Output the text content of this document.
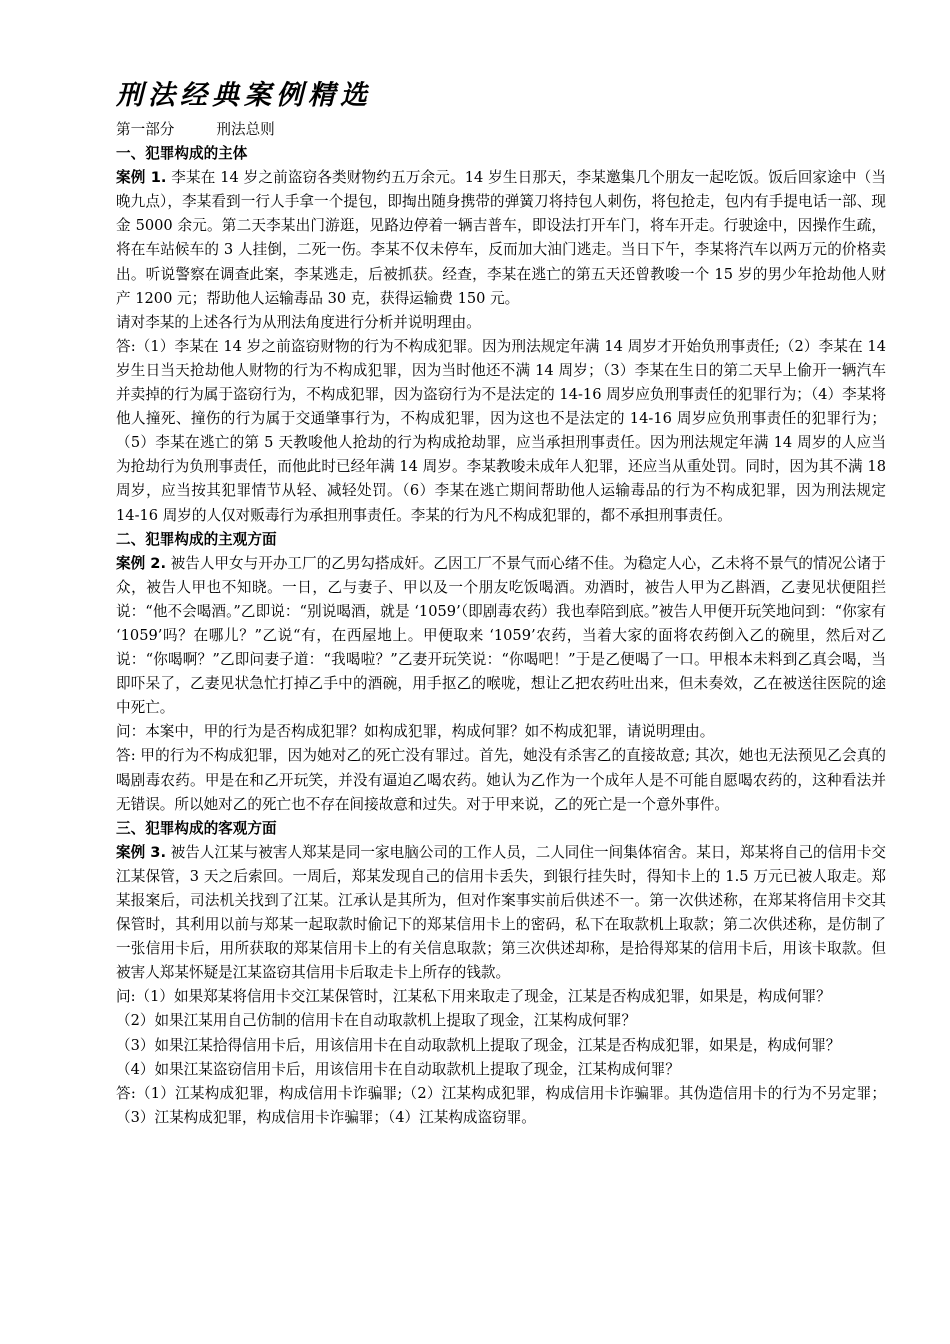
刑法经典案例精选

第一部分	刑法总则

一、犯罪构成的主体

案例 1. 李某在 14 岁之前盗窃各类财物约五万余元。14 岁生日那天，李某邀集几个朋友一起吃饭。饭后回家途中（当晚九点），李某看到一行人手拿一个提包，即掏出随身携带的弹簧刀将持包人刺伤，将包抢走，包内有手提电话一部、现金 5000 余元。第二天李某出门游逛，见路边停着一辆吉普车，即设法打开车门，将车开走。行驶途中，因操作生疏，将在车站候车的 3 人挂倒，二死一伤。李某不仅未停车，反而加大油门逃走。当日下午，李某将汽车以两万元的价格卖出。听说警察在调查此案，李某逃走，后被抓获。经查，李某在逃亡的第五天还曾教唆一个 15 岁的男少年抢劫他人财产 1200 元；帮助他人运输毒品 30 克，获得运输费 150 元。

请对李某的上述各行为从刑法角度进行分析并说明理由。

答:（1）李某在 14 岁之前盗窃财物的行为不构成犯罪。因为刑法规定年满 14 周岁才开始负刑事责任;（2）李某在 14 岁生日当天抢劫他人财物的行为不构成犯罪，因为当时他还不满 14 周岁；（3）李某在生日的第二天早上偷开一辆汽车并卖掉的行为属于盗窃行为，不构成犯罪，因为盗窃行为不是法定的 14-16 周岁应负刑事责任的犯罪行为；（4）李某将他人撞死、撞伤的行为属于交通肇事行为，不构成犯罪，因为这也不是法定的 14-16 周岁应负刑事责任的犯罪行为；（5）李某在逃亡的第 5 天教唆他人抢劫的行为构成抢劫罪，应当承担刑事责任。因为刑法规定年满 14 周岁的人应当为抢劫行为负刑事责任，而他此时已经年满 14 周岁。李某教唆未成年人犯罪，还应当从重处罚。同时，因为其不满 18 周岁，应当按其犯罪情节从轻、减轻处罚。（6）李某在逃亡期间帮助他人运输毒品的行为不构成犯罪，因为刑法规定 14-16 周岁的人仅对贩毒行为承担刑事责任。李某的行为凡不构成犯罪的，都不承担刑事责任。

二、犯罪构成的主观方面

案例 2. 被告人甲女与开办工厂的乙男勾搭成奸。乙因工厂不景气而心绪不佳。为稳定人心，乙未将不景气的情况公诸于众，被告人甲也不知晓。一日，乙与妻子、甲以及一个朋友吃饭喝酒。劝酒时，被告人甲为乙斟酒，乙妻见状便阻拦说：“他不会喝酒。”乙即说：“别说喝酒，就是 ‘1059’（即剧毒农药）我也奉陪到底。”被告人甲便开玩笑地问到：“你家有 ‘1059’吗？在哪儿？”乙说“有，在西屋地上。甲便取来 ‘1059’农药，当着大家的面将农药倒入乙的碗里，然后对乙说：“你喝啊？”乙即问妻子道：“我喝啦？”乙妻开玩笑说：“你喝吧！”于是乙便喝了一口。甲根本未料到乙真会喝，当即吓呆了，乙妻见状急忙打掉乙手中的酒碗，用手抠乙的喉咙，想让乙把农药吐出来，但未奏效，乙在被送往医院的途中死亡。

问：本案中，甲的行为是否构成犯罪？如构成犯罪，构成何罪？如不构成犯罪，请说明理由。

答: 甲的行为不构成犯罪，因为她对乙的死亡没有罪过。首先，她没有杀害乙的直接故意; 其次，她也无法预见乙会真的喝剧毒农药。甲是在和乙开玩笑，并没有逼迫乙喝农药。她认为乙作为一个成年人是不可能自愿喝农药的，这种看法并无错误。所以她对乙的死亡也不存在间接故意和过失。对于甲来说，乙的死亡是一个意外事件。

三、犯罪构成的客观方面

案例 3. 被告人江某与被害人郑某是同一家电脑公司的工作人员，二人同住一间集体宿舍。某日，郑某将自己的信用卡交江某保管，3 天之后索回。一周后，郑某发现自己的信用卡丢失，到银行挂失时，得知卡上的 1.5 万元已被人取走。郑某报案后，司法机关找到了江某。江承认是其所为，但对作案事实前后供述不一。第一次供述称，在郑某将信用卡交其保管时，其利用以前与郑某一起取款时偷记下的郑某信用卡上的密码，私下在取款机上取款；第二次供述称，是仿制了一张信用卡后，用所获取的郑某信用卡上的有关信息取款；第三次供述却称，是拾得郑某的信用卡后，用该卡取款。但被害人郑某怀疑是江某盗窃其信用卡后取走卡上所存的钱款。

问:（1）如果郑某将信用卡交江某保管时，江某私下用来取走了现金，江某是否构成犯罪，如果是，构成何罪？

（2）如果江某用自己仿制的信用卡在自动取款机上提取了现金，江某构成何罪？

（3）如果江某拾得信用卡后，用该信用卡在自动取款机上提取了现金，江某是否构成犯罪，如果是，构成何罪？

（4）如果江某盗窃信用卡后，用该信用卡在自动取款机上提取了现金，江某构成何罪？

答:（1）江某构成犯罪，构成信用卡诈骗罪;（2）江某构成犯罪，构成信用卡诈骗罪。其伪造信用卡的行为不另定罪；（3）江某构成犯罪，构成信用卡诈骗罪；（4）江某构成盗窃罪。
